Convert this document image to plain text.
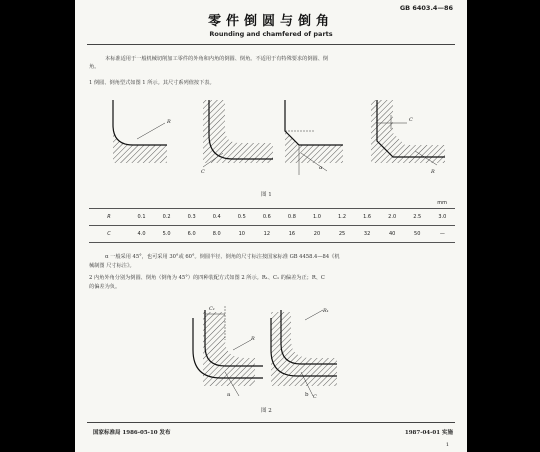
GB 6403.4—86
零件倒圆与倒角
Rounding and chamfered of parts
本标准适用于一般机械切削加工零件的外角和内角的倒圆、倒角。不适用于有特殊要求的倒圆、倒
角。
1 倒圆、倒角型式如图 1 所示。其尺寸系列值按下表。
R
C
α
C
R
图 1
mm
R	0.1	0.2	0.3	0.4	0.5	0.6	0.8	1.0	1.2	1.6	2.0	2.5	3.0
C	4.0	5.0	6.0	8.0	10	12	16	20	25	32	40	50	—
α 一般采用 45°，也可采用 30°或 60°。倒圆半径、倒角的尺寸标注按国家标准 GB 4458.4—84《机
械制图 尺寸标注》。
2 内角外角分别为倒圆、倒角（倒角为 45°）的四种装配方式如图 2 所示。R₁、C₁ 的偏差为正；R、C
的偏差为负。
C₁
R
R₁
C
a	b
图 2
国家标准局 1986-05-10 发布	1987-04-01 实施
1
